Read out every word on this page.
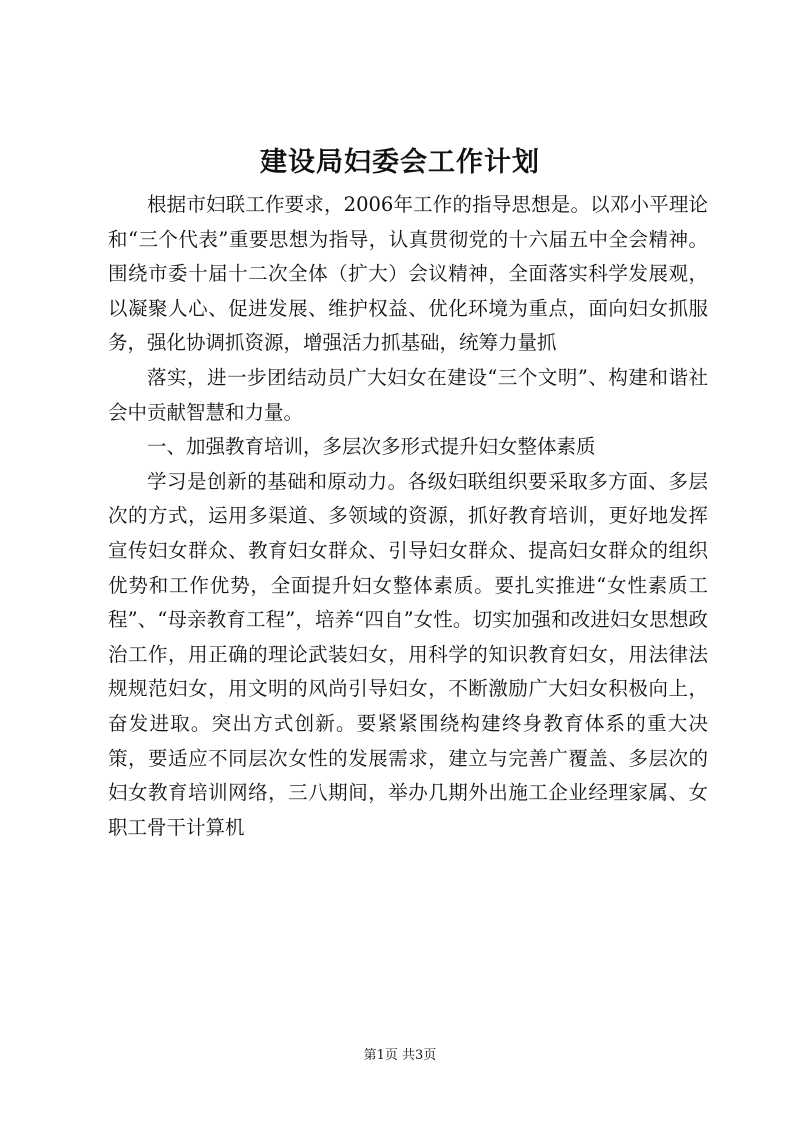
建设局妇委会工作计划

根据市妇联工作要求，2006年工作的指导思想是。以邓小平理论和“三个代表”重要思想为指导，认真贯彻党的十六届五中全会精神。围绕市委十届十二次全体（扩大）会议精神，全面落实科学发展观，以凝聚人心、促进发展、维护权益、优化环境为重点，面向妇女抓服务，强化协调抓资源，增强活力抓基础，统筹力量抓

落实，进一步团结动员广大妇女在建设“三个文明”、构建和谐社会中贡献智慧和力量。

一、加强教育培训，多层次多形式提升妇女整体素质

学习是创新的基础和原动力。各级妇联组织要采取多方面、多层次的方式，运用多渠道、多领域的资源，抓好教育培训，更好地发挥宣传妇女群众、教育妇女群众、引导妇女群众、提高妇女群众的组织优势和工作优势，全面提升妇女整体素质。要扎实推进“女性素质工程”、“母亲教育工程”，培养“四自”女性。切实加强和改进妇女思想政治工作，用正确的理论武装妇女，用科学的知识教育妇女，用法律法规规范妇女，用文明的风尚引导妇女，不断激励广大妇女积极向上，奋发进取。突出方式创新。要紧紧围绕构建终身教育体系的重大决策，要适应不同层次女性的发展需求，建立与完善广覆盖、多层次的妇女教育培训网络，三八期间，举办几期外出施工企业经理家属、女职工骨干计算机

第1页 共3页
